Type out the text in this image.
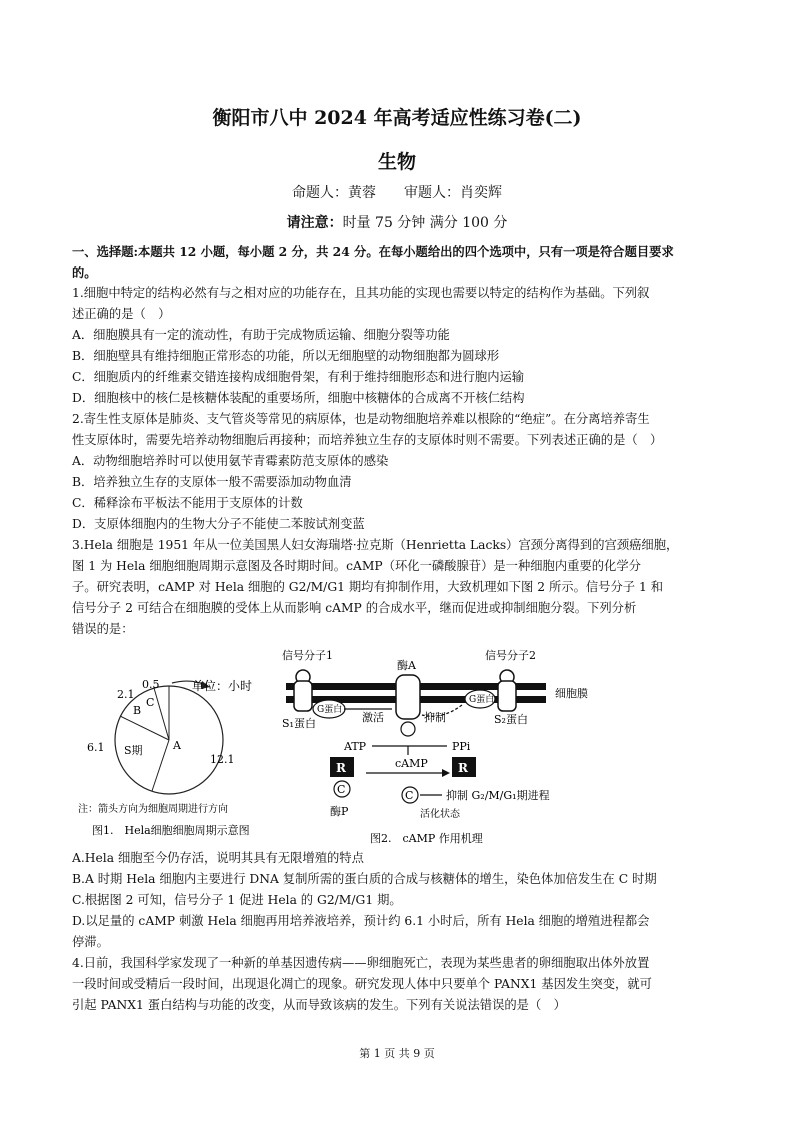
衡阳市八中 2024 年高考适应性练习卷(二)
生物
命题人：黄蓉　　审题人：肖奕辉
请注意：时量 75 分钟 满分 100 分
一、选择题:本题共 12 小题，每小题 2 分，共 24 分。在每小题给出的四个选项中，只有一项是符合题目要求
的。
1.细胞中特定的结构必然有与之相对应的功能存在，且其功能的实现也需要以特定的结构作为基础。下列叙
述正确的是（　）
A．细胞膜具有一定的流动性，有助于完成物质运输、细胞分裂等功能
B．细胞壁具有维持细胞正常形态的功能，所以无细胞壁的动物细胞都为圆球形
C．细胞质内的纤维素交错连接构成细胞骨架，有利于维持细胞形态和进行胞内运输
D．细胞核中的核仁是核糖体装配的重要场所，细胞中核糖体的合成离不开核仁结构
2.寄生性支原体是肺炎、支气管炎等常见的病原体，也是动物细胞培养难以根除的“绝症”。在分离培养寄生
性支原体时，需要先培养动物细胞后再接种；而培养独立生存的支原体时则不需要。下列表述正确的是（　）
A．动物细胞培养时可以使用氨苄青霉素防范支原体的感染
B．培养独立生存的支原体一般不需要添加动物血清
C．稀释涂布平板法不能用于支原体的计数
D．支原体细胞内的生物大分子不能使二苯胺试剂变蓝
3.Hela 细胞是 1951 年从一位美国黑人妇女海瑞塔·拉克斯（Henrietta Lacks）宫颈分离得到的宫颈癌细胞，
图 1 为 Hela 细胞细胞周期示意图及各时期时间。cAMP（环化一磷酸腺苷）是一种细胞内重要的化学分
子。研究表明，cAMP 对 Hela 细胞的 G2/M/G1 期均有抑制作用，大致机理如下图 2 所示。信号分子 1 和
信号分子 2 可结合在细胞膜的受体上从而影响 cAMP 的合成水平，继而促进或抑制细胞分裂。下列分析
错误的是：
A
S期
B
C
12.1
6.1
2.1
0.5	单位：小时
注：箭头方向为细胞周期进行方向
图1.　Hela细胞细胞周期示意图
信号分子1	信号分子2
酶A
细胞膜
G蛋白
S₁蛋白	激活	抑制
G蛋白
S₂蛋白
ATP	PPi
cAMP
R
C
酶P
R
C	抑制 G₂/M/G₁期进程
活化状态
图2.　cAMP 作用机理
A.Hela 细胞至今仍存活，说明其具有无限增殖的特点
B.A 时期 Hela 细胞内主要进行 DNA 复制所需的蛋白质的合成与核糖体的增生，染色体加倍发生在 C 时期
C.根据图 2 可知，信号分子 1 促进 Hela 的 G2/M/G1 期。
D.以足量的 cAMP 刺激 Hela 细胞再用培养液培养，预计约 6.1 小时后，所有 Hela 细胞的增殖进程都会
停滞。
4.日前，我国科学家发现了一种新的单基因遗传病——卵细胞死亡，表现为某些患者的卵细胞取出体外放置
一段时间或受精后一段时间，出现退化凋亡的现象。研究发现人体中只要单个 PANX1 基因发生突变，就可
引起 PANX1 蛋白结构与功能的改变，从而导致该病的发生。下列有关说法错误的是（　）
第 1 页 共 9 页
